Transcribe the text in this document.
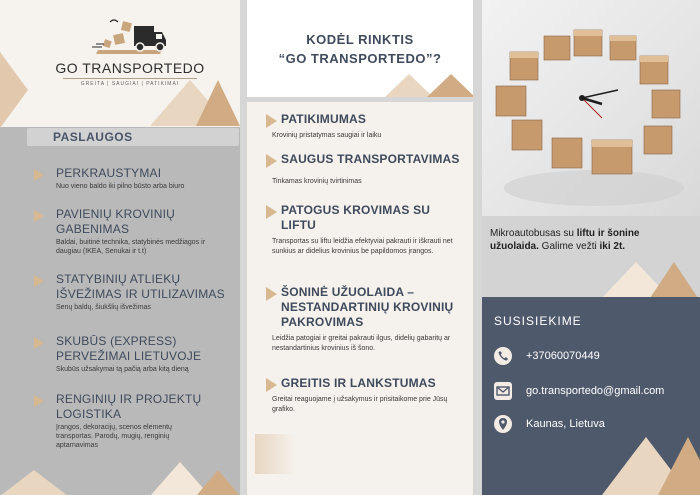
GO TRANSPORTEDO
GREITA | SAUGIAI | PATIKIMAI
PASLAUGOS
PERKRAUSTYMAI
Nuo vieno baldo iki pilno būsto arba biuro
PAVIENIŲ KROVINIŲ GABENIMAS
Baldai, buitinė technika, statybinės medžiagos ir daugiau (IKEA, Senukai ir t.t)
STATYBINIŲ ATLIEKŲ IŠVEŽIMAS IR UTILIZAVIMAS
Senų baldų, šiukšlių išvežimas
SKUBŪS (EXPRESS) PERVEŽIMAI LIETUVOJE
Skubūs užsakymai tą pačią arba kitą dieną
RENGINIŲ IR PROJEKTŲ LOGISTIKA
Įrangos, dekoracijų, scenos elementų transportas. Parodų, mugių, renginių aptarnavimas
KODĖL RINKTIS
“GO TRANSPORTEDO”?
PATIKIMUMAS
Krovinių pristatymas saugiai ir laiku
SAUGUS TRANSPORTAVIMAS
Tinkamas krovinių tvirtinimas
PATOGUS KROVIMAS SU LIFTU
Transportas su liftu leidžia efektyviai pakrauti ir iškrauti net sunkius ar didelius krovinius be papildomos įrangos.
ŠONINĖ UŽUOLAIDA – NESTANDARTINIŲ KROVINIŲ PAKROVIMAS
Leidžia patogiai ir greitai pakrauti ilgus, didelių gabaritų ar nestandartinius krovinius iš šono.
GREITIS IR LANKSTUMAS
Greitai reaguojame į užsakymus ir prisitaikome prie Jūsų grafiko.
Mikroautobusas su liftu ir šonine užuolaida. Galime vežti iki 2t.
SUSISIEKIME
+37060070449
go.transportedo@gmail.com
Kaunas, Lietuva
